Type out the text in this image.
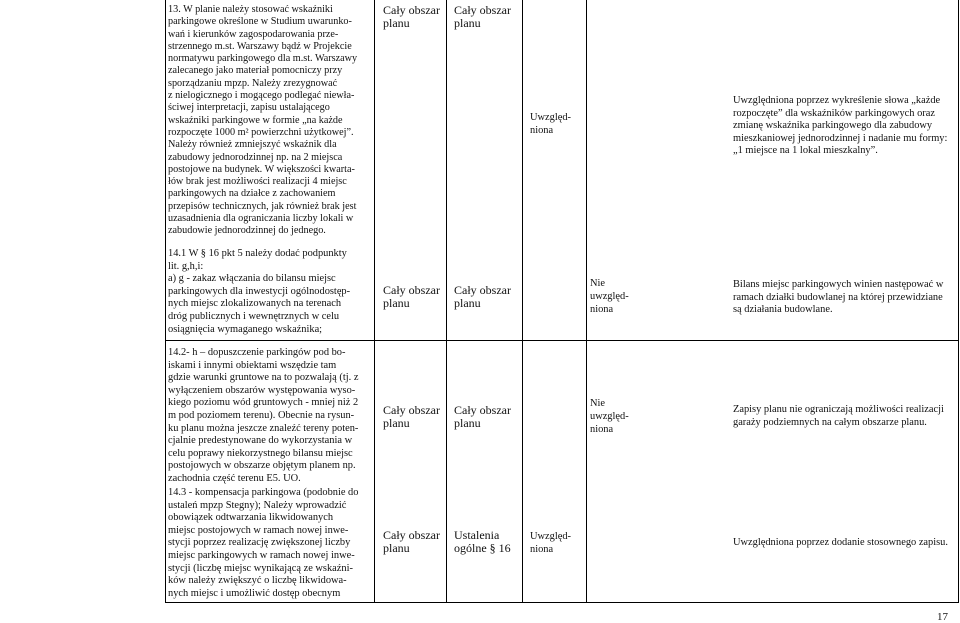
13. W planie należy stosować wskaźniki
parkingowe określone w Studium uwarunko-
wań i kierunków zagospodarowania prze-
strzennego m.st. Warszawy bądź w Projekcie
normatywu parkingowego dla m.st. Warszawy
zalecanego jako materiał pomocniczy przy
sporządzaniu mpzp. Należy zrezygnować
z nielogicznego i mogącego podlegać niewła-
ściwej interpretacji, zapisu ustalającego
wskaźniki parkingowe w formie „na każde
rozpoczęte 1000 m² powierzchni użytkowej”.
Należy również zmniejszyć wskaźnik dla
zabudowy jednorodzinnej np. na 2 miejsca
postojowe na budynek. W większości kwarta-
łów brak jest możliwości realizacji 4 miejsc
parkingowych na działce z zachowaniem
przepisów technicznych, jak również brak jest
uzasadnienia dla ograniczania liczby lokali w
zabudowie jednorodzinnej do jednego.
14.1 W § 16 pkt 5 należy dodać podpunkty
lit. g,h,i:
a) g - zakaz włączania do bilansu miejsc
parkingowych dla inwestycji ogólnodostęp-
nych miejsc zlokalizowanych na terenach
dróg publicznych i wewnętrznych w celu
osiągnięcia wymaganego wskaźnika;
Cały obszar
planu
Cały obszar
planu
Uwzględ-
niona
Uwzględniona poprzez wykreślenie słowa „każde
rozpoczęte” dla wskaźników parkingowych oraz
zmianę wskaźnika parkingowego dla zabudowy
mieszkaniowej jednorodzinnej i nadanie mu formy:
„1 miejsce na 1 lokal mieszkalny”.
Cały obszar
planu
Cały obszar
planu
Nie
uwzględ-
niona
Bilans miejsc parkingowych winien następować w
ramach działki budowlanej na której przewidziane
są działania budowlane.
14.2- h – dopuszczenie parkingów pod bo-
iskami i innymi obiektami wszędzie tam
gdzie warunki gruntowe na to pozwalają (tj. z
wyłączeniem obszarów występowania wyso-
kiego poziomu wód gruntowych - mniej niż 2
m pod poziomem terenu). Obecnie na rysun-
ku planu można jeszcze znaleźć tereny poten-
cjalnie predestynowane do wykorzystania w
celu poprawy niekorzystnego bilansu miejsc
postojowych w obszarze objętym planem np.
zachodnia część terenu E5. UO.
14.3 - kompensacja parkingowa (podobnie do
ustaleń mpzp Stegny); Należy wprowadzić
obowiązek odtwarzania likwidowanych
miejsc postojowych w ramach nowej inwe-
stycji poprzez realizację zwiększonej liczby
miejsc parkingowych w ramach nowej inwe-
stycji (liczbę miejsc wynikającą ze wskaźni-
ków należy zwiększyć o liczbę likwidowa-
nych miejsc i umożliwić dostęp obecnym
Cały obszar
planu
Cały obszar
planu
Nie
uwzględ-
niona
Zapisy planu nie ograniczają możliwości realizacji
garaży podziemnych na całym obszarze planu.
Cały obszar
planu
Ustalenia
ogólne § 16
Uwzględ-
niona
Uwzględniona poprzez dodanie stosownego zapisu.
17
